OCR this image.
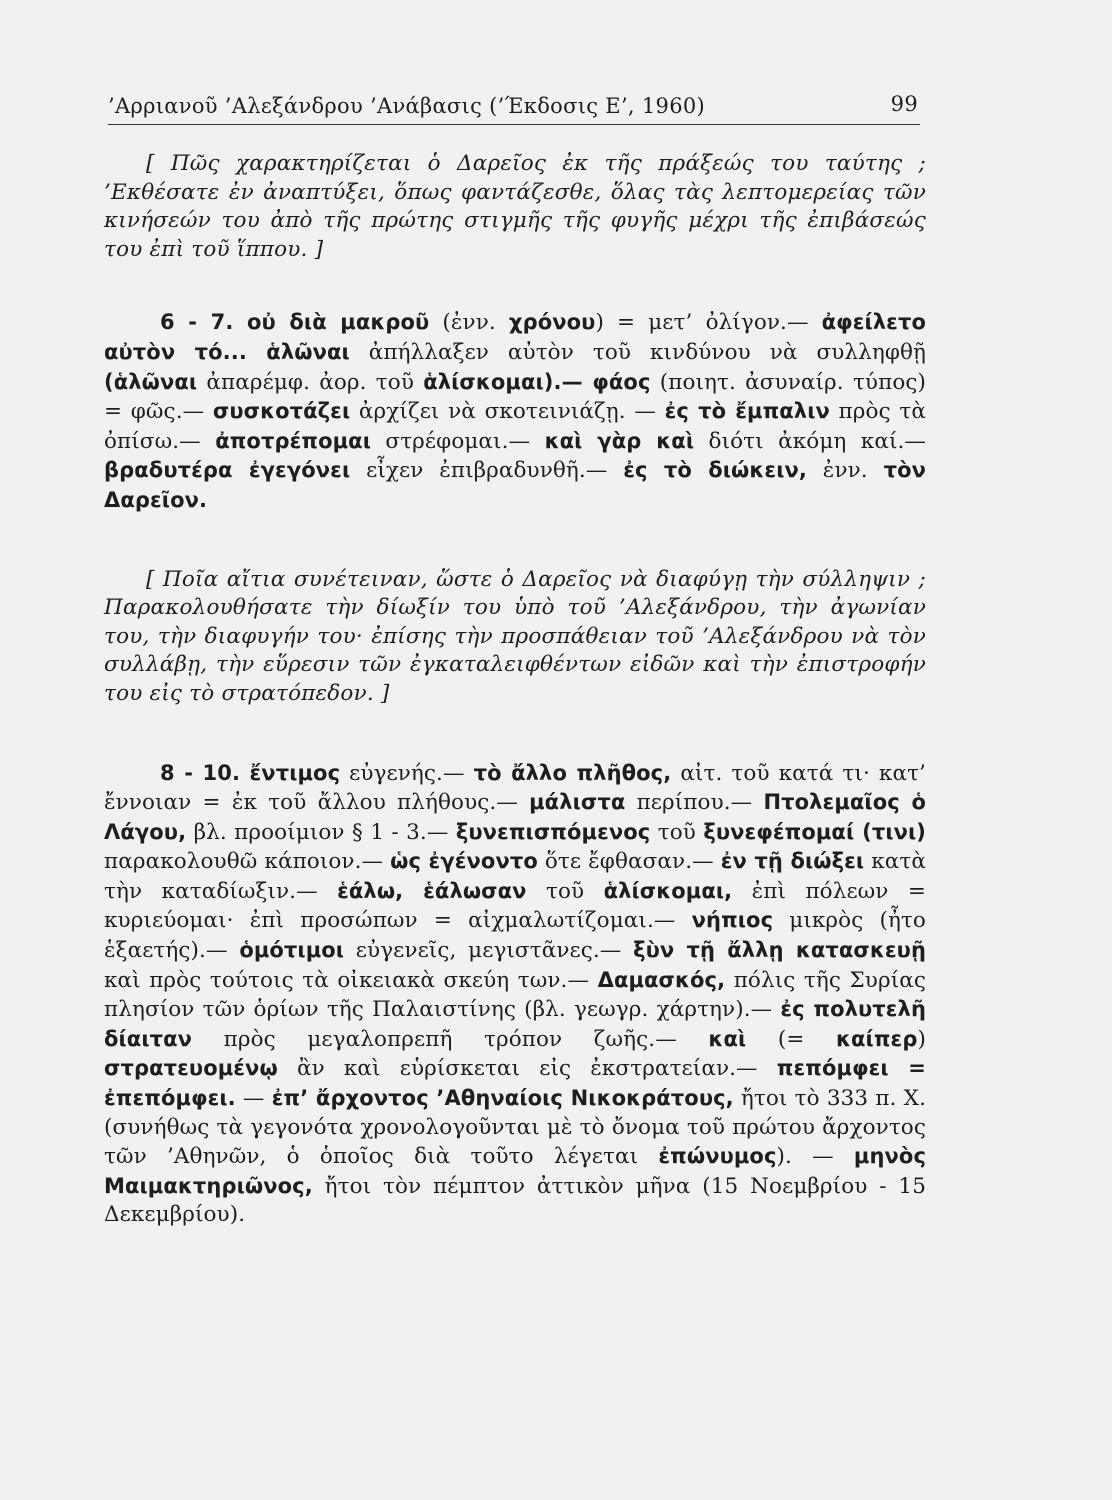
’Αρριανοῦ ’Αλεξάνδρου ’Ανάβασις (’Έκδοσις Ε’, 1960)	99

[ Πῶς χαρακτηρίζεται ὁ Δαρεῖος ἐκ τῆς πράξεώς του ταύτης ; ’Εκθέσατε ἐν ἀναπτύξει, ὅπως φαντάζεσθε, ὅλας τὰς λεπτομερείας τῶν κινήσεών του ἀπὸ τῆς πρώτης στιγμῆς τῆς φυγῆς μέχρι τῆς ἐπιβάσεώς του ἐπὶ τοῦ ἵππου. ]

6 - 7. οὐ διὰ μακροῦ (ἐνν. χρόνου) = μετ’ ὀλίγον.— ἀφείλετο αὐτὸν τό... ἁλῶναι ἀπήλλαξεν αὐτὸν τοῦ κινδύνου νὰ συλληφθῇ (ἁλῶναι ἀπαρέμφ. ἀορ. τοῦ ἁλίσκομαι).— φάος (ποιητ. ἀσυναίρ. τύπος) = φῶς.— συσκοτάζει ἀρχίζει νὰ σκοτεινιάζῃ. — ἐς τὸ ἔμπαλιν πρὸς τὰ ὀπίσω.— ἀποτρέπομαι στρέφομαι.— καὶ γὰρ καὶ διότι ἀκόμη καί.— βραδυτέρα ἐγεγόνει εἶχεν ἐπιβραδυνθῆ.— ἐς τὸ διώκειν, ἐνν. τὸν Δαρεῖον.

[ Ποῖα αἴτια συνέτειναν, ὥστε ὁ Δαρεῖος νὰ διαφύγῃ τὴν σύλληψιν ; Παρακολουθήσατε τὴν δίωξίν του ὑπὸ τοῦ ’Αλεξάνδρου, τὴν ἀγωνίαν του, τὴν διαφυγήν του· ἐπίσης τὴν προσπάθειαν τοῦ ’Αλεξάνδρου νὰ τὸν συλλάβῃ, τὴν εὕρεσιν τῶν ἐγκαταλειφθέντων εἰδῶν καὶ τὴν ἐπιστροφήν του εἰς τὸ στρατόπεδον. ]

8 - 10. ἔντιμος εὐγενής.— τὸ ἄλλο πλῆθος, αἰτ. τοῦ κατά τι· κατ’ ἔννοιαν = ἐκ τοῦ ἄλλου πλήθους.— μάλιστα περίπου.— Πτολεμαῖος ὁ Λάγου, βλ. προοίμιον § 1 - 3.— ξυνεπισπόμενος τοῦ ξυνεφέπομαί (τινι) παρακολουθῶ κάποιον.— ὡς ἐγένοντο ὅτε ἔφθασαν.— ἐν τῇ διώξει κατὰ τὴν καταδίωξιν.— ἑάλω, ἑάλωσαν τοῦ ἁλίσκομαι, ἐπὶ πόλεων = κυριεύομαι· ἐπὶ προσώπων = αἰχμαλωτίζομαι.— νήπιος μικρὸς (ἦτο ἑξαετής).— ὁμότιμοι εὐγενεῖς, μεγιστᾶνες.— ξὺν τῇ ἄλλῃ κατασκευῇ καὶ πρὸς τούτοις τὰ οἰκειακὰ σκεύη των.— Δαμασκός, πόλις τῆς Συρίας πλησίον τῶν ὁρίων τῆς Παλαιστίνης (βλ. γεωγρ. χάρτην).— ἐς πολυτελῆ δίαιταν πρὸς μεγαλοπρεπῆ τρόπον ζωῆς.— καὶ (= καίπερ) στρατευομένῳ ἂν καὶ εὑρίσκεται εἰς ἐκστρατείαν.— πεπόμφει = ἐπεπόμφει. — ἐπ’ ἄρχοντος ’Αθηναίοις Νικοκράτους, ἤτοι τὸ 333 π. Χ. (συνήθως τὰ γεγονότα χρονολογοῦνται μὲ τὸ ὄνομα τοῦ πρώτου ἄρχοντος τῶν ’Αθηνῶν, ὁ ὁποῖος διὰ τοῦτο λέγεται ἐπώνυμος). — μηνὸς Μαιμακτηριῶνος, ἤτοι τὸν πέμπτον ἀττικὸν μῆνα (15 Νοεμβρίου - 15 Δεκεμβρίου).
